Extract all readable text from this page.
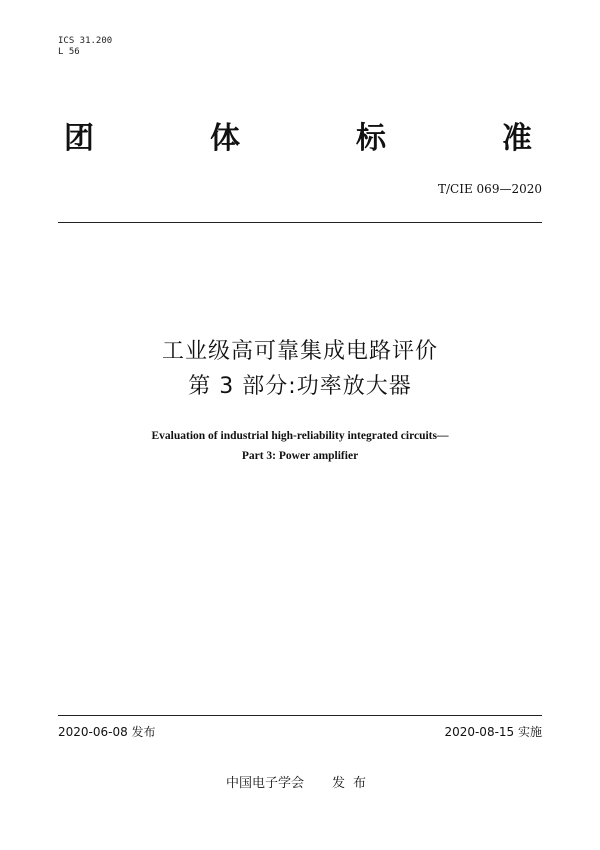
ICS 31.200
L 56
团	体	标	准
T/CIE 069—2020
工业级高可靠集成电路评价
第 3 部分:功率放大器
Evaluation of industrial high-reliability integrated circuits—
Part 3: Power amplifier
2020-06-08 发布	2020-08-15 实施
中国电子学会 发布
